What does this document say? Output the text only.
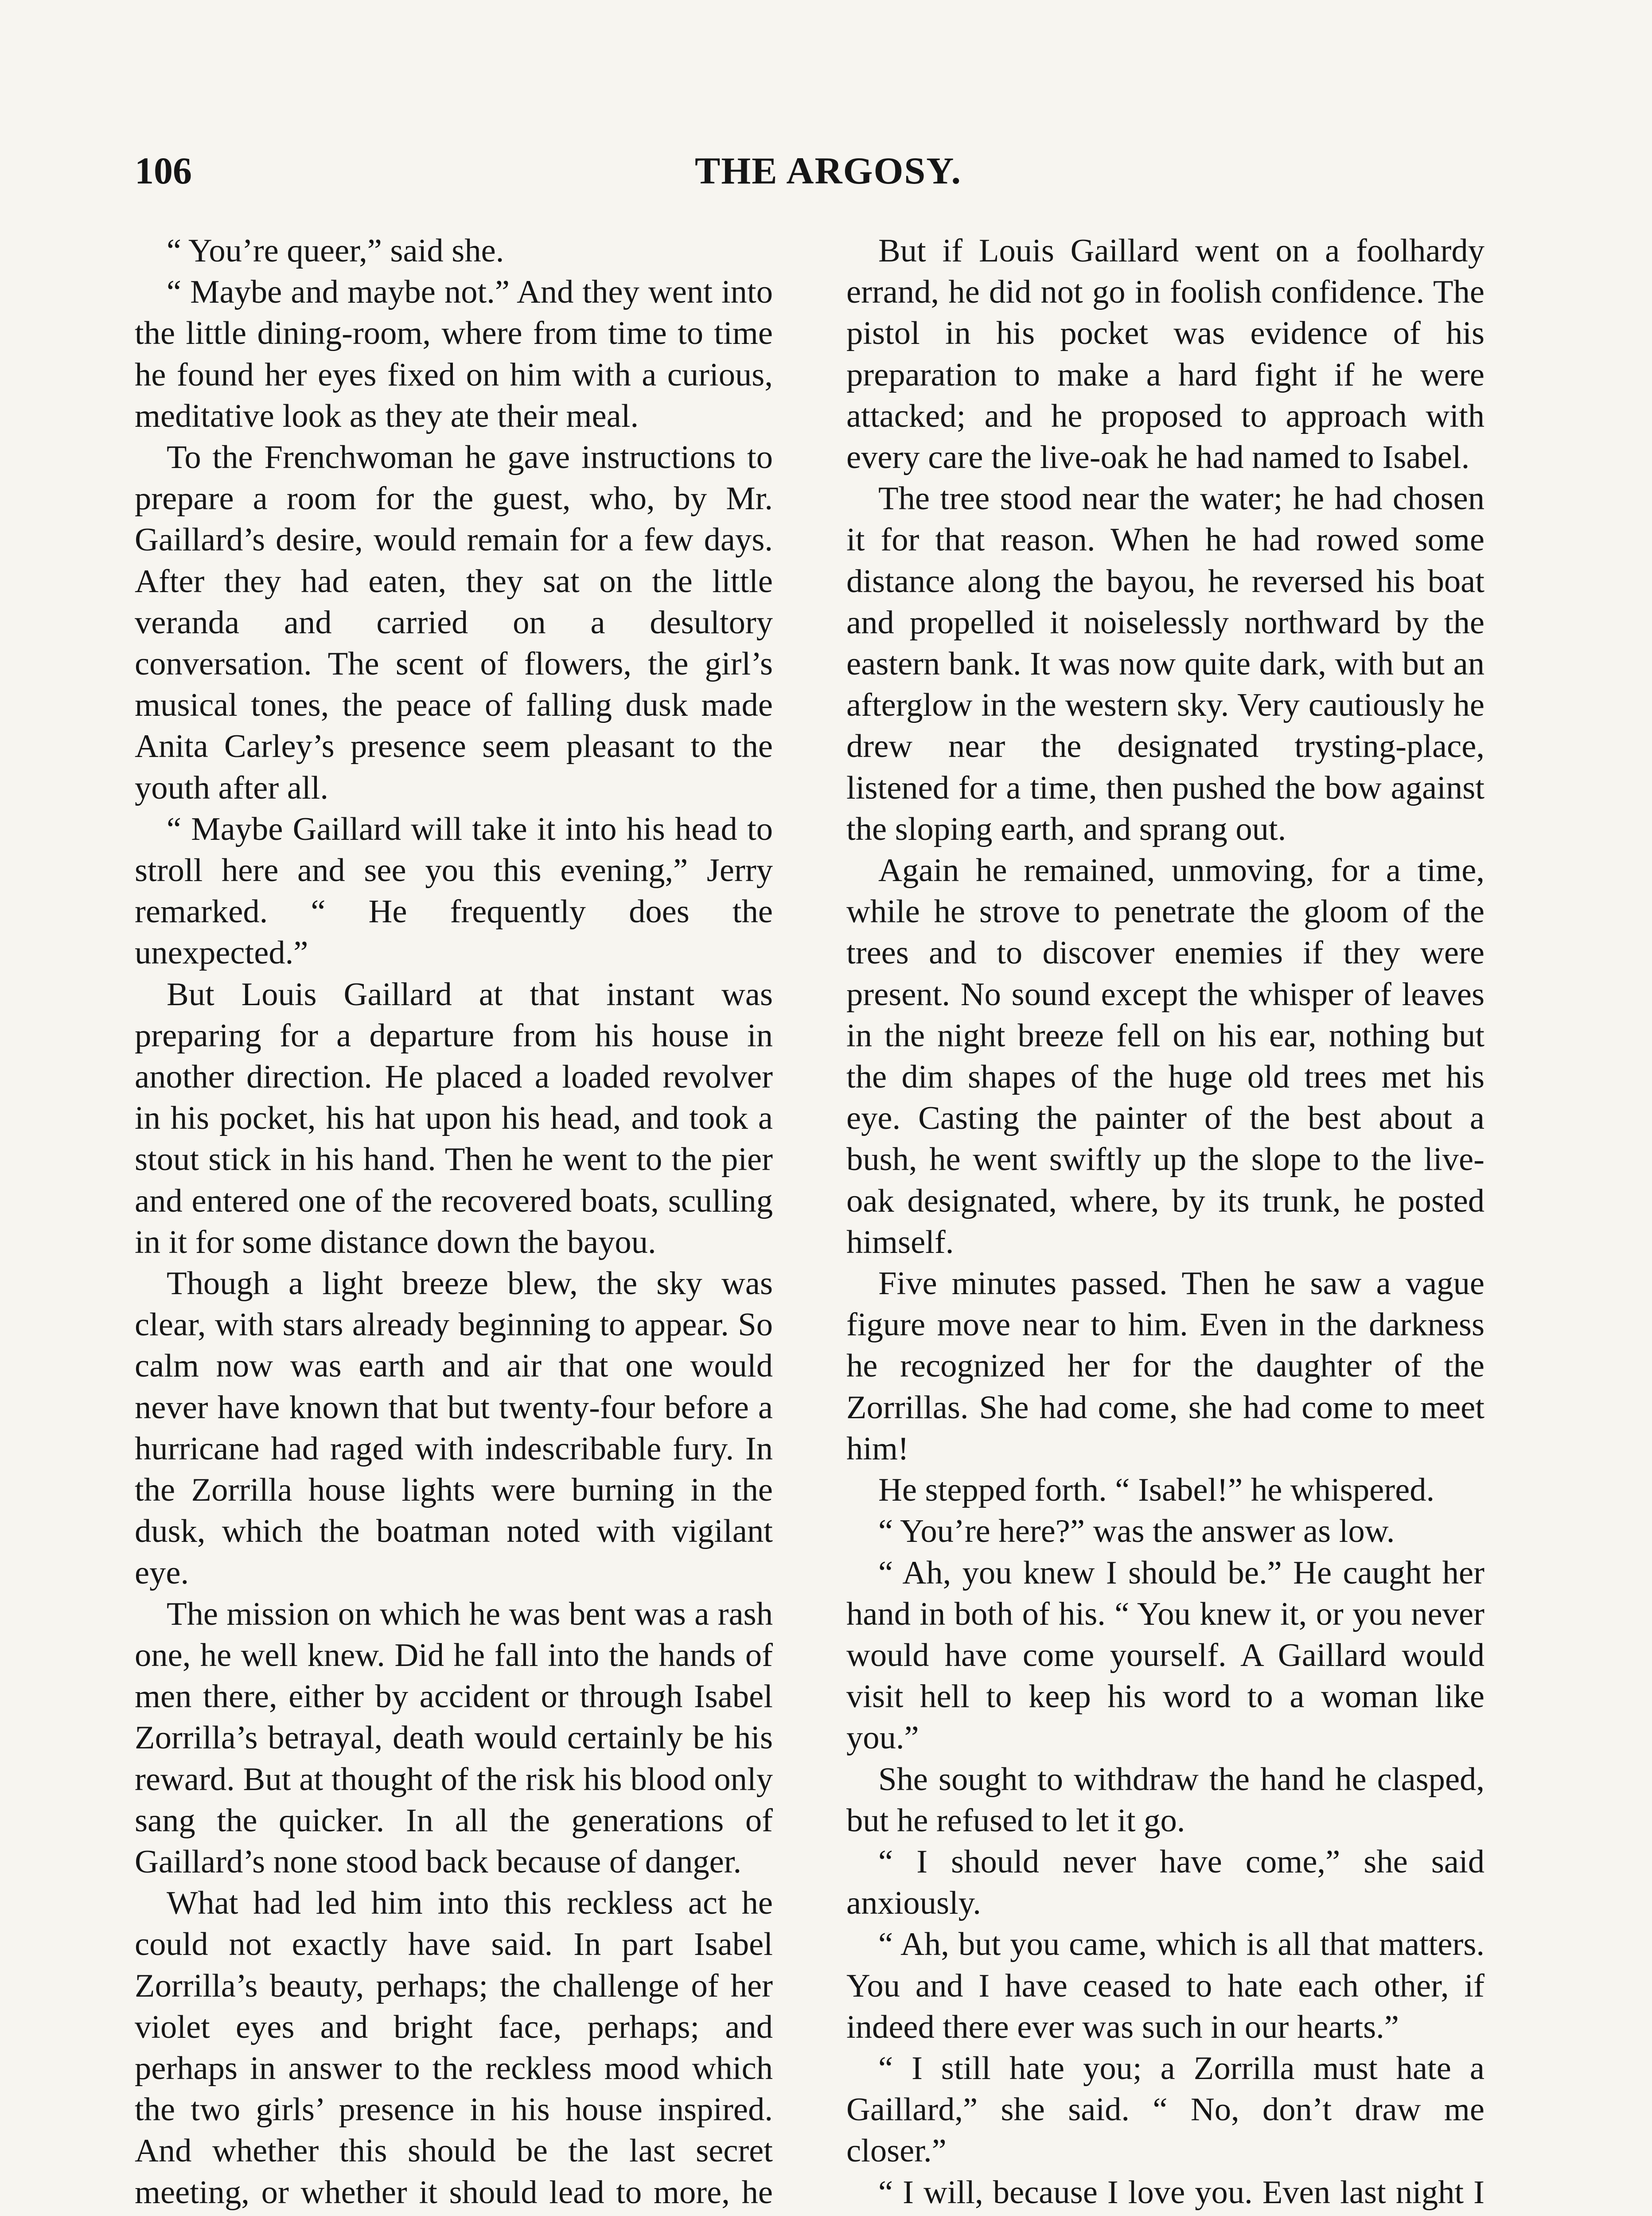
106	THE ARGOSY.

“ You’re queer,” said she.

“ Maybe and maybe not.” And they went into the little dining-room, where from time to time he found her eyes fixed on him with a curious, meditative look as they ate their meal.

To the Frenchwoman he gave instructions to prepare a room for the guest, who, by Mr. Gaillard’s desire, would remain for a few days. After they had eaten, they sat on the little veranda and carried on a desultory conversation. The scent of flowers, the girl’s musical tones, the peace of falling dusk made Anita Carley’s presence seem pleasant to the youth after all.

“ Maybe Gaillard will take it into his head to stroll here and see you this evening,” Jerry remarked. “ He frequently does the unexpected.”

But Louis Gaillard at that instant was preparing for a departure from his house in another direction. He placed a loaded revolver in his pocket, his hat upon his head, and took a stout stick in his hand. Then he went to the pier and entered one of the recovered boats, sculling in it for some distance down the bayou.

Though a light breeze blew, the sky was clear, with stars already beginning to appear. So calm now was earth and air that one would never have known that but twenty-four before a hurricane had raged with indescribable fury. In the Zorrilla house lights were burning in the dusk, which the boatman noted with vigilant eye.

The mission on which he was bent was a rash one, he well knew. Did he fall into the hands of men there, either by accident or through Isabel Zorrilla’s betrayal, death would certainly be his reward. But at thought of the risk his blood only sang the quicker. In all the generations of Gaillard’s none stood back because of danger.

What had led him into this reckless act he could not exactly have said. In part Isabel Zorrilla’s beauty, perhaps; the challenge of her violet eyes and bright face, perhaps; and perhaps in answer to the reckless mood which the two girls’ presence in his house inspired. And whether this should be the last secret meeting, or whether it should lead to more, he

But if Louis Gaillard went on a foolhardy errand, he did not go in foolish confidence. The pistol in his pocket was evidence of his preparation to make a hard fight if he were attacked; and he proposed to approach with every care the live-oak he had named to Isabel.

The tree stood near the water; he had chosen it for that reason. When he had rowed some distance along the bayou, he reversed his boat and propelled it noiselessly northward by the eastern bank. It was now quite dark, with but an afterglow in the western sky. Very cautiously he drew near the designated trysting-place, listened for a time, then pushed the bow against the sloping earth, and sprang out.

Again he remained, unmoving, for a time, while he strove to penetrate the gloom of the trees and to discover enemies if they were present. No sound except the whisper of leaves in the night breeze fell on his ear, nothing but the dim shapes of the huge old trees met his eye. Casting the painter of the best about a bush, he went swiftly up the slope to the live-oak designated, where, by its trunk, he posted himself.

Five minutes passed. Then he saw a vague figure move near to him. Even in the darkness he recognized her for the daughter of the Zorrillas. She had come, she had come to meet him!

He stepped forth. “ Isabel!” he whispered.

“ You’re here?” was the answer as low.

“ Ah, you knew I should be.” He caught her hand in both of his. “ You knew it, or you never would have come yourself. A Gaillard would visit hell to keep his word to a woman like you.”

She sought to withdraw the hand he clasped, but he refused to let it go.

“ I should never have come,” she said anxiously.

“ Ah, but you came, which is all that matters. You and I have ceased to hate each other, if indeed there ever was such in our hearts.”

“ I still hate you; a Zorrilla must hate a Gaillard,” she said. “ No, don’t draw me closer.”

“ I will, because I love you. Even last night I
